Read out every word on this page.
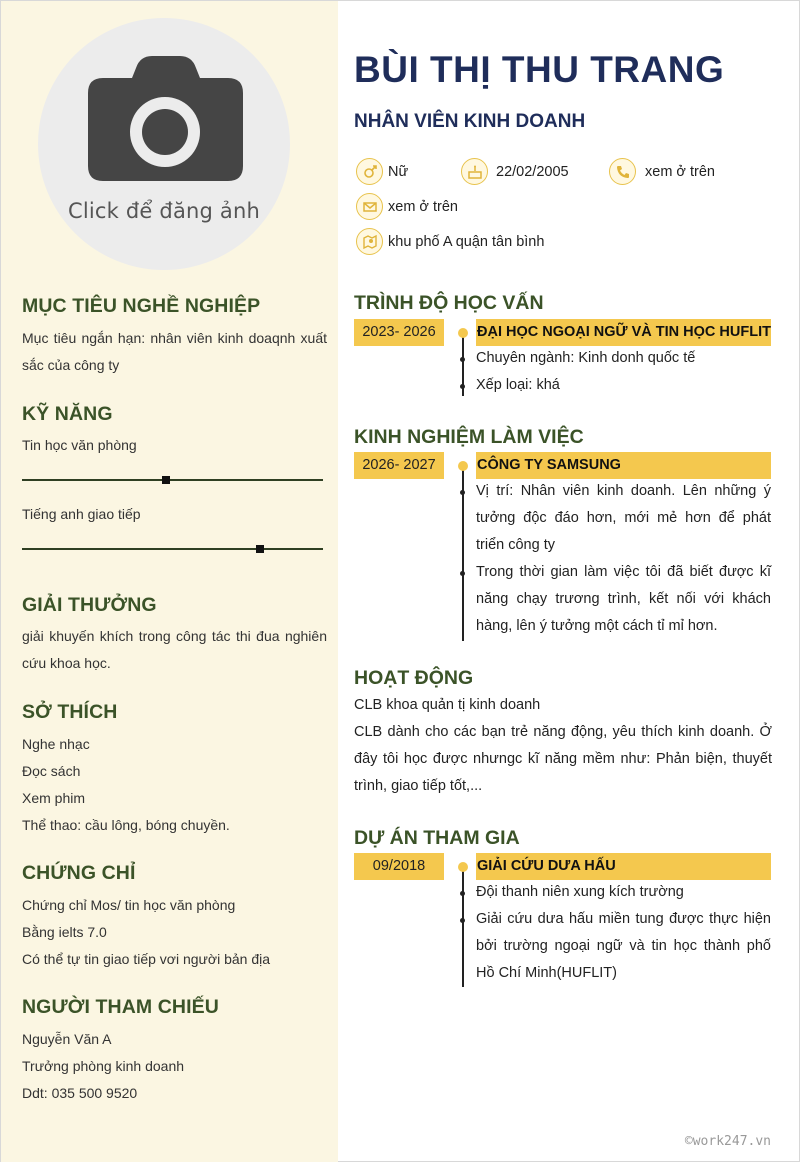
Click để đăng ảnh
MỤC TIÊU NGHỀ NGHIỆP
Mục tiêu ngắn hạn: nhân viên kinh doaqnh xuất sắc của công ty
KỸ NĂNG
Tin học văn phòng
Tiếng anh giao tiếp
GIẢI THƯỞNG
giải khuyến khích trong công tác thi đua nghiên cứu khoa học.
SỞ THÍCH
Nghe nhạc
Đọc sách
Xem phim
Thể thao: cầu lông, bóng chuyền.
CHỨNG CHỈ
Chứng chỉ Mos/ tin học văn phòng
Bằng ielts 7.0
Có thể tự tin giao tiếp vơi người bản địa
NGƯỜI THAM CHIẾU
Nguyễn Văn A
Trưởng phòng kinh doanh
Ddt: 035 500 9520
BÙI THỊ THU TRANG
NHÂN VIÊN KINH DOANH
Nữ	22/02/2005	xem ở trên
xem ở trên
khu phố A quận tân bình
TRÌNH ĐỘ HỌC VẤN
2023- 2026	ĐẠI HỌC NGOẠI NGỮ VÀ TIN HỌC HUFLIT
Chuyên ngành: Kinh donh quốc tế
Xếp loại: khá
KINH NGHIỆM LÀM VIỆC
2026- 2027	CÔNG TY SAMSUNG
Vị trí: Nhân viên kinh doanh. Lên những ý tưởng độc đáo hơn, mới mẻ hơn để phát triển công ty
Trong thời gian làm việc tôi đã biết được kĩ năng chạy trương trình, kết nối với khách hàng, lên ý tưởng một cách tỉ mỉ hơn.
HOẠT ĐỘNG
CLB khoa quản tị kinh doanh
CLB dành cho các bạn trẻ năng động, yêu thích kinh doanh. Ở đây tôi học được nhưngc kĩ năng mềm như: Phản biện, thuyết trình, giao tiếp tốt,...
DỰ ÁN THAM GIA
09/2018	GIẢI CỨU DƯA HẤU
Đội thanh niên xung kích trường
Giải cứu dưa hấu miền tung được thực hiện bởi trường ngoại ngữ và tin học thành phố Hồ Chí Minh(HUFLIT)
©work247.vn
